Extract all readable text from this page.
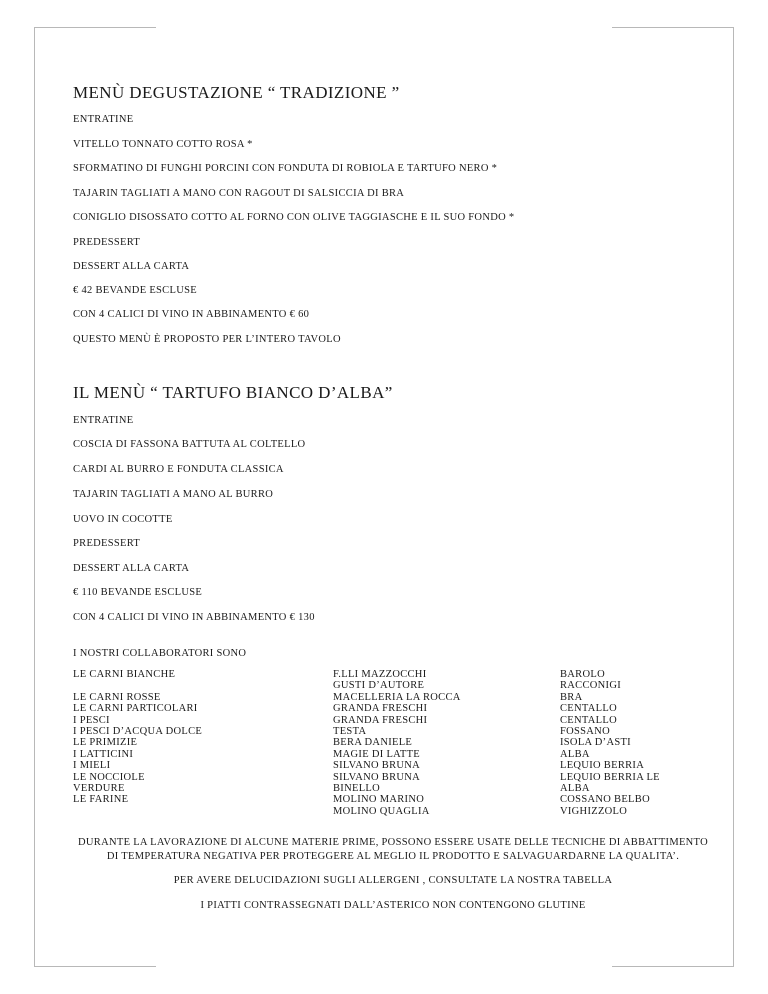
MENÙ DEGUSTAZIONE “ TRADIZIONE ”
ENTRATINE
VITELLO TONNATO COTTO ROSA *
SFORMATINO DI FUNGHI PORCINI CON FONDUTA DI ROBIOLA E TARTUFO NERO *
TAJARIN TAGLIATI A MANO CON RAGOUT DI SALSICCIA DI BRA
CONIGLIO DISOSSATO COTTO AL FORNO CON OLIVE TAGGIASCHE E IL SUO FONDO *
PREDESSERT
DESSERT ALLA CARTA
€ 42 BEVANDE ESCLUSE
CON 4 CALICI DI VINO IN ABBINAMENTO € 60
QUESTO MENÙ È PROPOSTO PER L’INTERO TAVOLO
IL MENÙ “ TARTUFO BIANCO D’ALBA”
ENTRATINE
COSCIA DI FASSONA BATTUTA AL COLTELLO
CARDI AL BURRO E FONDUTA CLASSICA
TAJARIN TAGLIATI A MANO AL BURRO
UOVO IN COCOTTE
PREDESSERT
DESSERT ALLA CARTA
€ 110 BEVANDE ESCLUSE
CON 4 CALICI DI VINO IN ABBINAMENTO € 130
I NOSTRI COLLABORATORI SONO
LE CARNI BIANCHE

LE CARNI ROSSE
LE CARNI PARTICOLARI
I PESCI
I PESCI D’ACQUA DOLCE
LE PRIMIZIE
I LATTICINI
I MIELI
LE NOCCIOLE
VERDURE
LE FARINE
F.LLI MAZZOCCHI
GUSTI D’AUTORE
MACELLERIA LA ROCCA
GRANDA FRESCHI
GRANDA FRESCHI
TESTA
BERA DANIELE
MAGIE DI LATTE
SILVANO BRUNA
SILVANO BRUNA
BINELLO
MOLINO MARINO
MOLINO QUAGLIA
BAROLO
RACCONIGI
BRA
CENTALLO
CENTALLO
FOSSANO
ISOLA D’ASTI
ALBA
LEQUIO BERRIA
LEQUIO BERRIA LE
ALBA
COSSANO BELBO
VIGHIZZOLO
DURANTE LA LAVORAZIONE DI ALCUNE MATERIE PRIME, POSSONO ESSERE USATE DELLE TECNICHE DI ABBATTIMENTO DI TEMPERATURA NEGATIVA PER PROTEGGERE AL MEGLIO IL PRODOTTO E SALVAGUARDARNE LA QUALITA’.
PER AVERE DELUCIDAZIONI SUGLI ALLERGENI , CONSULTATE LA NOSTRA TABELLA
I PIATTI CONTRASSEGNATI DALL’ASTERICO NON CONTENGONO GLUTINE
